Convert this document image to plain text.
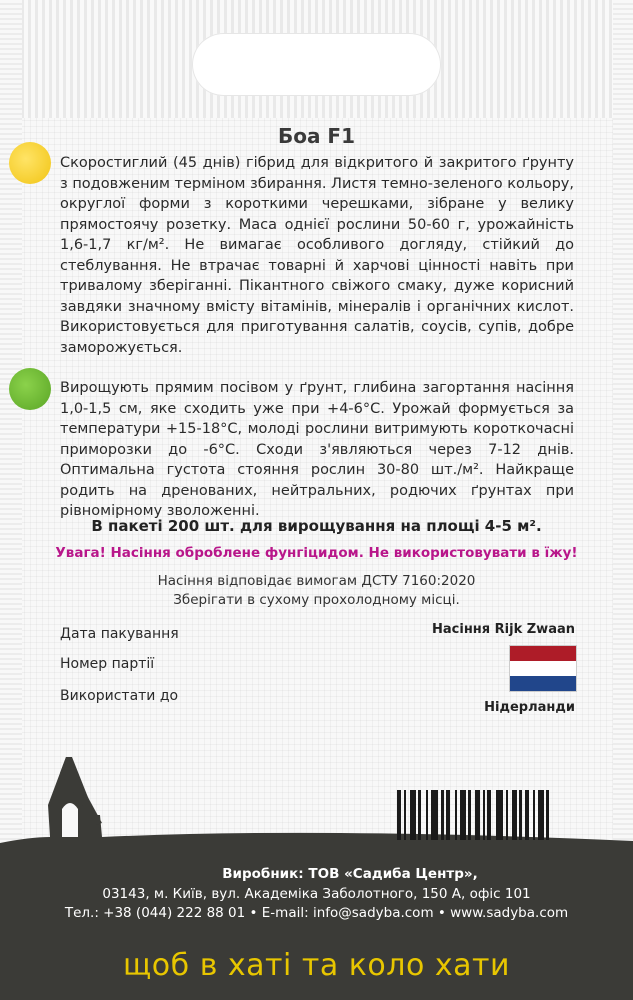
Боа F1

Скоростиглий (45 днів) гібрид для відкритого й закритого ґрунту з подовженим терміном збирання. Листя темно-зеленого кольору, округлої форми з короткими черешками, зібране у велику прямостоячу розетку. Маса однієї рослини 50-60 г, урожайність 1,6-1,7 кг/м². Не вимагає особливого догляду, стійкий до стеблування. Не втрачає товарні й харчові цінності навіть при тривалому зберіганні. Пікантного свіжого смаку, дуже корисний завдяки значному вмісту вітамінів, мінералів і органічних кислот. Використовується для приготування салатів, соусів, супів, добре заморожується.

Вирощують прямим посівом у ґрунт, глибина загортання насіння 1,0-1,5 см, яке сходить уже при +4-6°С. Урожай формується за температури +15-18°С, молоді рослини витримують короткочасні приморозки до -6°С. Сходи з'являються через 7-12 днів. Оптимальна густота стояння рослин 30-80 шт./м². Найкраще родить на дренованих, нейтральних, родючих ґрунтах при рівномірному зволоженні.

В пакеті 200 шт. для вирощування на площі 4-5 м².
Увага! Насіння оброблене фунгіцидом. Не використовувати в їжу!
Насіння відповідає вимогам ДСТУ 7160:2020
Зберігати в сухому прохолодному місці.
Дата пакування
Номер партії
Використати до
Насіння Rijk Zwaan
Нідерланди
Виробник: ТОВ «Садиба Центр»,
03143, м. Київ, вул. Академіка Заболотного, 150 А, офіс 101
Тел.: +38 (044) 222 88 01 • E-mail: info@sadyba.com • www.sadyba.com
щоб в хаті та коло хати
